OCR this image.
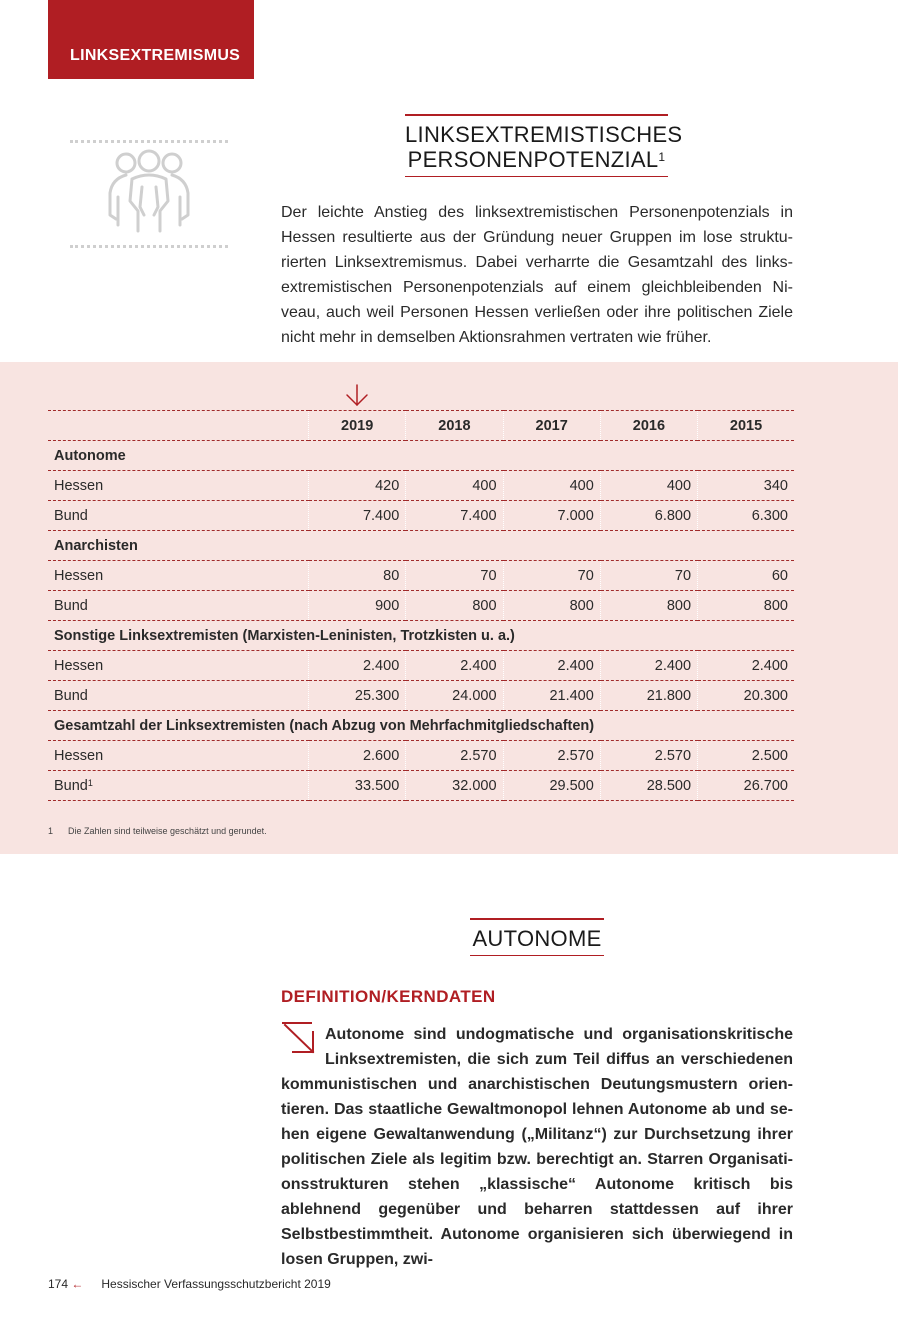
LINKSEXTREMISMUS
LINKSEXTREMISTISCHES
PERSONENPOTENZIAL$^1$
Der leichte Anstieg des linksextremistischen Personenpotenzials in Hessen resultierte aus der Gründung neuer Gruppen im lose strukturierten Linksextremismus. Dabei verharrte die Gesamtzahl des linksextremistischen Personenpotenzials auf einem gleichbleibenden Niveau, auch weil Personen Hessen verließen oder ihre politischen Ziele nicht mehr in demselben Aktionsrahmen vertraten wie früher.
	2019	2018	2017	2016	2015
Autonome					
Hessen	420	400	400	400	340
Bund	7.400	7.400	7.000	6.800	6.300
Anarchisten					
Hessen	80	70	70	70	60
Bund	900	800	800	800	800
Sonstige Linksextremisten (Marxisten-Leninisten, Trotzkisten u. a.)					
Hessen	2.400	2.400	2.400	2.400	2.400
Bund	25.300	24.000	21.400	21.800	20.300
Gesamtzahl der Linksextremisten (nach Abzug von Mehrfachmitgliedschaften)					
Hessen	2.600	2.570	2.570	2.570	2.500
Bund$^1$	33.500	32.000	29.500	28.500	26.700
1 Die Zahlen sind teilweise geschätzt und gerundet.
AUTONOME
DEFINITION/KERNDATEN
Autonome sind undogmatische und organisationskritische Linksextremisten, die sich zum Teil diffus an verschiedenen kommunistischen und anarchistischen Deutungsmustern orientieren. Das staatliche Gewaltmonopol lehnen Autonome ab und sehen eigene Gewaltanwendung („Militanz“) zur Durchsetzung ihrer politischen Ziele als legitim bzw. berechtigt an. Starren Organisationsstrukturen stehen „klassische“ Autonome kritisch bis ablehnend gegenüber und beharren stattdessen auf ihrer Selbstbestimmtheit. Autonome organisieren sich überwiegend in losen Gruppen, zwi-
174 ← Hessischer Verfassungsschutzbericht 2019
